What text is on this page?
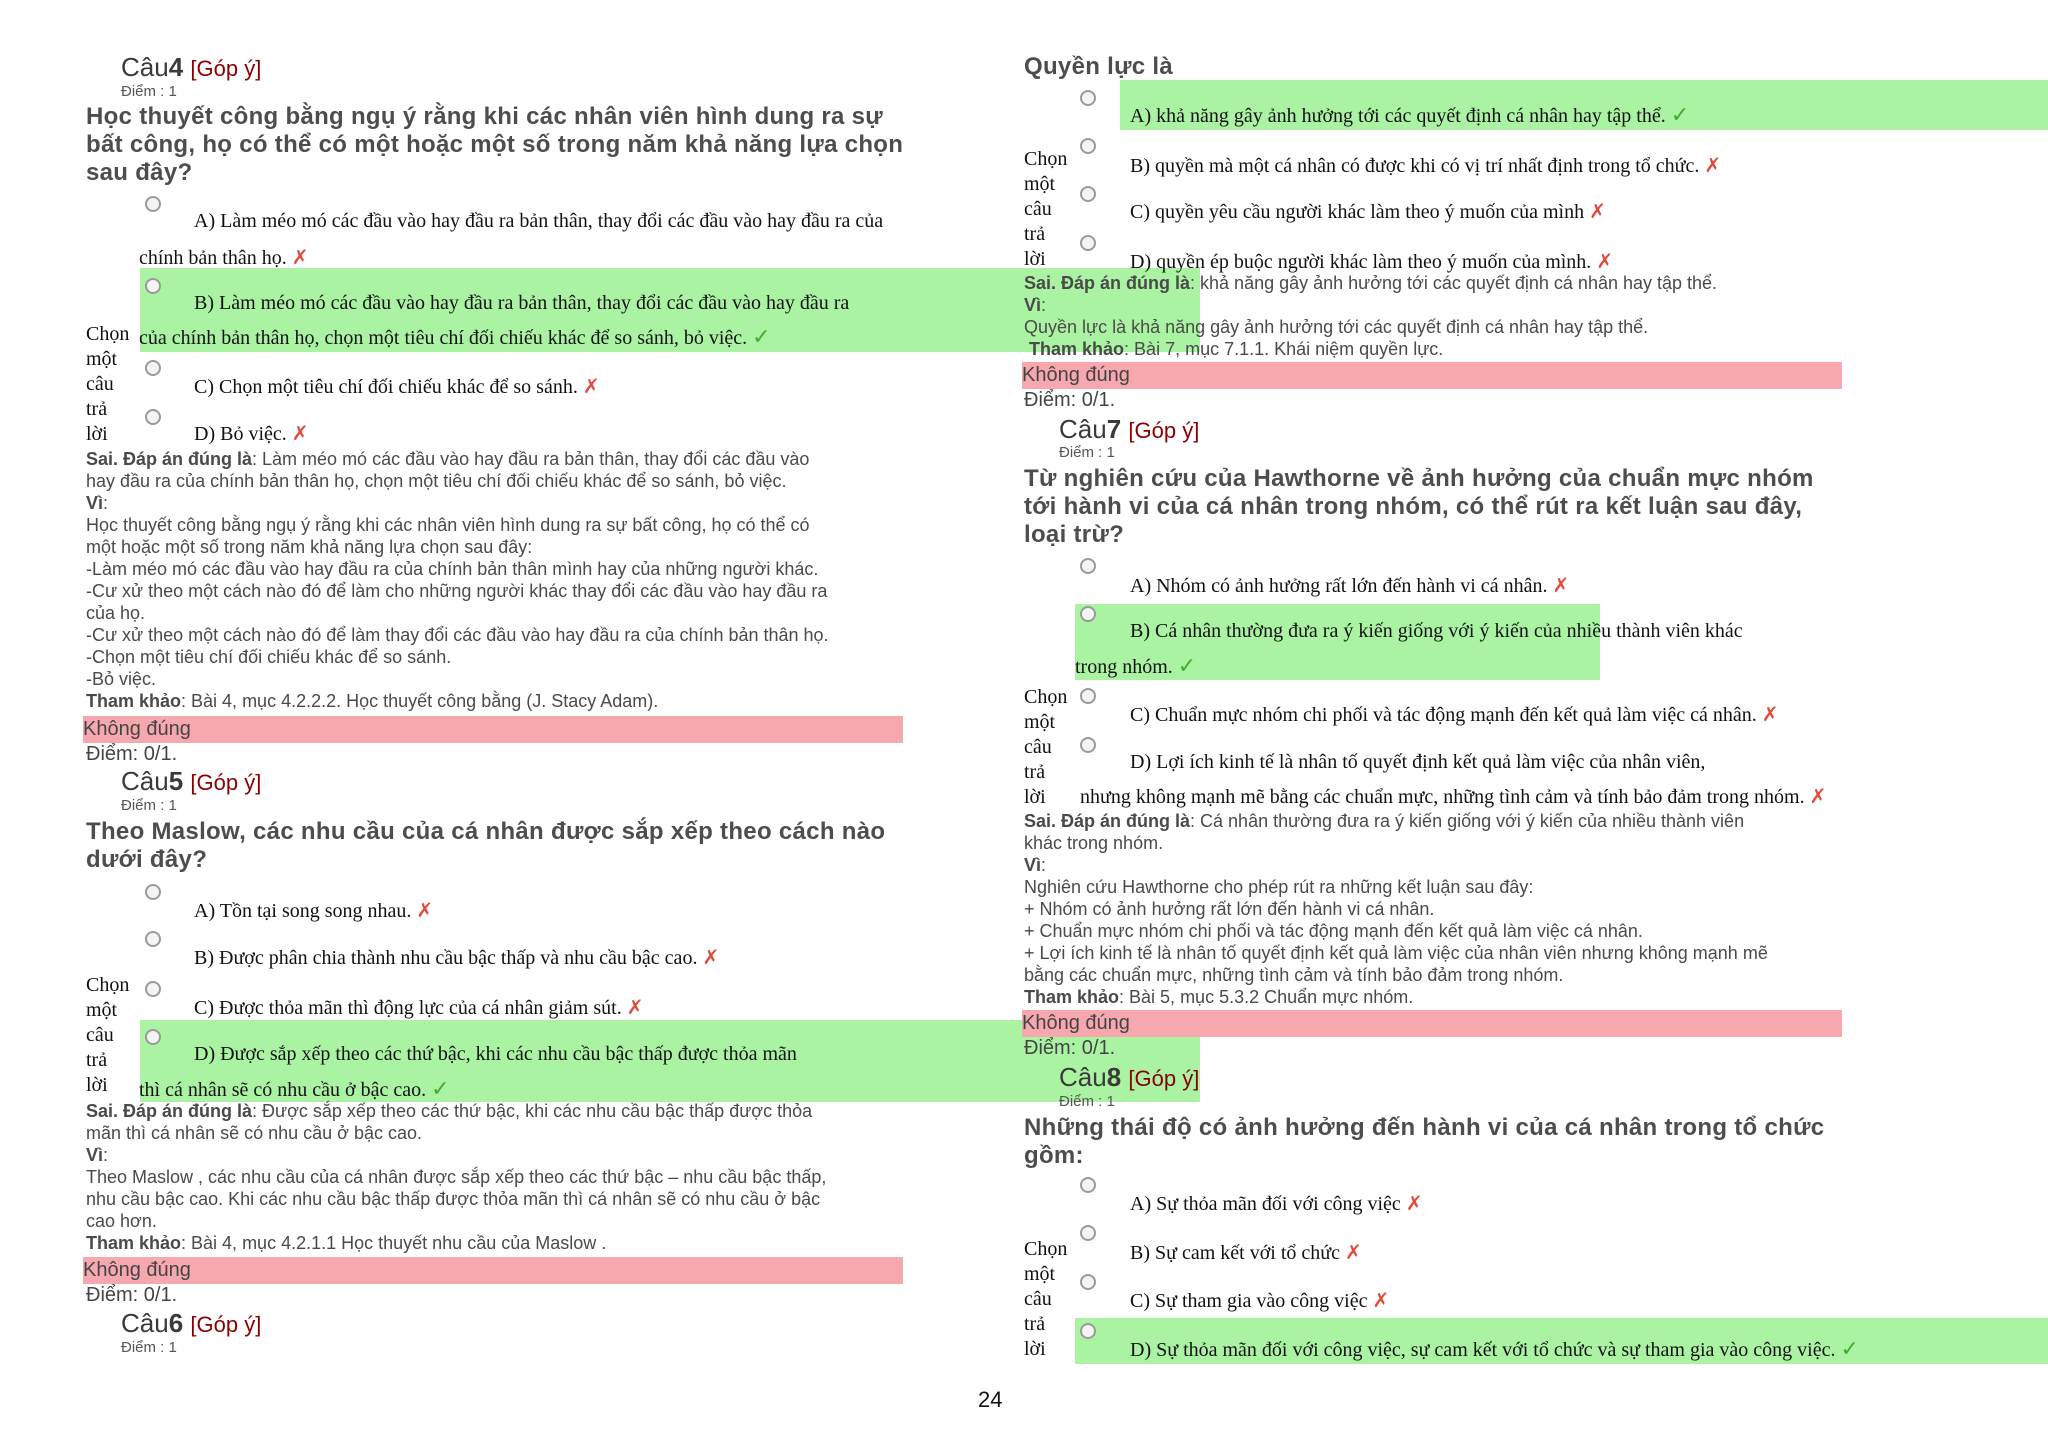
Câu4 [Góp ý]
Điểm : 1
Học thuyết công bằng ngụ ý rằng khi các nhân viên hình dung ra sự
bất công, họ có thể có một hoặc một số trong năm khả năng lựa chọn
sau đây?
A) Làm méo mó các đầu vào hay đầu ra bản thân, thay đổi các đầu vào hay đầu ra của
chính bản thân họ. ✗
B) Làm méo mó các đầu vào hay đầu ra bản thân, thay đổi các đầu vào hay đầu ra
của chính bản thân họ, chọn một tiêu chí đối chiếu khác để so sánh, bỏ việc. ✓
Chọn
một
câu
trả
lời
C) Chọn một tiêu chí đối chiếu khác để so sánh. ✗
D) Bỏ việc. ✗
Sai. Đáp án đúng là: Làm méo mó các đầu vào hay đầu ra bản thân, thay đổi các đầu vào
hay đầu ra của chính bản thân họ, chọn một tiêu chí đối chiếu khác để so sánh, bỏ việc.
Vì:
Học thuyết công bằng ngụ ý rằng khi các nhân viên hình dung ra sự bất công, họ có thể có
một hoặc một số trong năm khả năng lựa chọn sau đây:
-Làm méo mó các đầu vào hay đầu ra của chính bản thân mình hay của những người khác.
-Cư xử theo một cách nào đó để làm cho những người khác thay đổi các đầu vào hay đầu ra
của họ.
-Cư xử theo một cách nào đó để làm thay đổi các đầu vào hay đầu ra của chính bản thân họ.
-Chọn một tiêu chí đối chiếu khác để so sánh.
-Bỏ việc.
Tham khảo: Bài 4, mục 4.2.2.2. Học thuyết công bằng (J. Stacy Adam).
Không đúng
Điểm: 0/1.
Câu5 [Góp ý]
Điểm : 1
Theo Maslow, các nhu cầu của cá nhân được sắp xếp theo cách nào
dưới đây?
A) Tồn tại song song nhau. ✗
B) Được phân chia thành nhu cầu bậc thấp và nhu cầu bậc cao. ✗
Chọn
một
câu
trả
lời
C) Được thỏa mãn thì động lực của cá nhân giảm sút. ✗
D) Được sắp xếp theo các thứ bậc, khi các nhu cầu bậc thấp được thỏa mãn
thì cá nhân sẽ có nhu cầu ở bậc cao. ✓
Sai. Đáp án đúng là: Được sắp xếp theo các thứ bậc, khi các nhu cầu bậc thấp được thỏa
mãn thì cá nhân sẽ có nhu cầu ở bậc cao.
Vì:
Theo Maslow , các nhu cầu của cá nhân được sắp xếp theo các thứ bậc – nhu cầu bậc thấp,
nhu cầu bậc cao. Khi các nhu cầu bậc thấp được thỏa mãn thì cá nhân sẽ có nhu cầu ở bậc
cao hơn.
Tham khảo: Bài 4, mục 4.2.1.1 Học thuyết nhu cầu của Maslow .
Không đúng
Điểm: 0/1.
Câu6 [Góp ý]
Điểm : 1
Quyền lực là
A) khả năng gây ảnh hưởng tới các quyết định cá nhân hay tập thể. ✓
Chọn
một
câu
trả
lời
B) quyền mà một cá nhân có được khi có vị trí nhất định trong tổ chức. ✗
C) quyền yêu cầu người khác làm theo ý muốn của mình ✗
D) quyền ép buộc người khác làm theo ý muốn của mình. ✗
Sai. Đáp án đúng là: khả năng gây ảnh hưởng tới các quyết định cá nhân hay tập thể.
Vì:
Quyền lực là khả năng gây ảnh hưởng tới các quyết định cá nhân hay tập thể.
Tham khảo: Bài 7, mục 7.1.1. Khái niệm quyền lực.
Không đúng
Điểm: 0/1.
Câu7 [Góp ý]
Điểm : 1
Từ nghiên cứu của Hawthorne về ảnh hưởng của chuẩn mực nhóm
tới hành vi của cá nhân trong nhóm, có thể rút ra kết luận sau đây,
loại trừ?
A) Nhóm có ảnh hưởng rất lớn đến hành vi cá nhân. ✗
B) Cá nhân thường đưa ra ý kiến giống với ý kiến của nhiều thành viên khác
trong nhóm. ✓
Chọn
một
câu
trả
lời
C) Chuẩn mực nhóm chi phối và tác động mạnh đến kết quả làm việc cá nhân. ✗
D) Lợi ích kinh tế là nhân tố quyết định kết quả làm việc của nhân viên,
nhưng không mạnh mẽ bằng các chuẩn mực, những tình cảm và tính bảo đảm trong nhóm. ✗
Sai. Đáp án đúng là: Cá nhân thường đưa ra ý kiến giống với ý kiến của nhiều thành viên
khác trong nhóm.
Vì:
Nghiên cứu Hawthorne cho phép rút ra những kết luận sau đây:
+ Nhóm có ảnh hưởng rất lớn đến hành vi cá nhân.
+ Chuẩn mực nhóm chi phối và tác động mạnh đến kết quả làm việc cá nhân.
+ Lợi ích kinh tế là nhân tố quyết định kết quả làm việc của nhân viên nhưng không mạnh mẽ
bằng các chuẩn mực, những tình cảm và tính bảo đảm trong nhóm.
Tham khảo: Bài 5, mục 5.3.2 Chuẩn mực nhóm.
Không đúng
Điểm: 0/1.
Câu8 [Góp ý]
Điểm : 1
Những thái độ có ảnh hưởng đến hành vi của cá nhân trong tổ chức
gồm:
A) Sự thỏa mãn đối với công việc ✗
Chọn
một
câu
trả
lời
B) Sự cam kết với tổ chức ✗
C) Sự tham gia vào công việc ✗
D) Sự thỏa mãn đối với công việc, sự cam kết với tổ chức và sự tham gia vào công việc. ✓
24
